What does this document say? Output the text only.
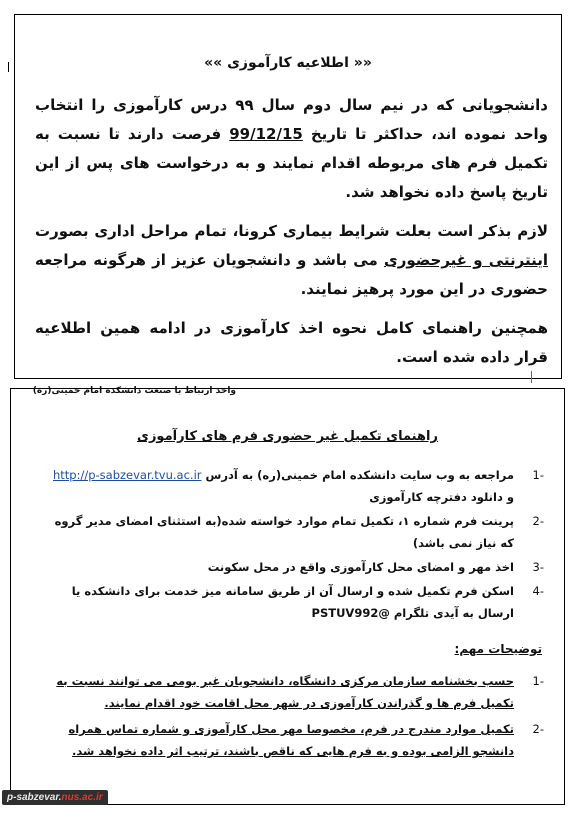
«« اطلاعیه کارآموزی »»
دانشجویانی که در نیم سال دوم سال ۹۹ درس کارآموزی را انتخاب واحد نموده اند، حداکثر تا تاریخ 99/12/15 فرصت دارند تا نسبت به تکمیل فرم های مربوطه اقدام نمایند و به درخواست های پس از این تاریخ پاسخ داده نخواهد شد.
لازم بذکر است بعلت شرایط بیماری کرونا، تمام مراحل اداری بصورت اینترنتی و غیرحضوری می باشد و دانشجویان عزیز از هرگونه مراجعه حضوری در این مورد پرهیز نمایند.
همچنین راهنمای کامل نحوه اخذ کارآموزی در ادامه همین اطلاعیه قرار داده شده است.
واحد ارتباط با صنعت دانشکده امام خمینی(ره)
راهنمای تکمیل غیر حضوری فرم های کارآموزی
-1
مراجعه به وب سایت دانشکده امام خمینی(ره) به آدرس http://p-sabzevar.tvu.ac.ir و دانلود دفترچه کارآموزی
-2
پرینت فرم شماره ۱، تکمیل تمام موارد خواسته شده(به استثنای امضای مدیر گروه که نیاز نمی باشد)
-3
اخذ مهر و امضای محل کارآموزی واقع در محل سکونت
-4
اسکن فرم تکمیل شده و ارسال آن از طریق سامانه میز خدمت برای دانشکده یا ارسال به آیدی تلگرام @PSTUV992
توضیحات مهم:
-1
حسب بخشنامه سازمان مرکزی دانشگاه، دانشجویان غیر بومی می توانند نسبت به تکمیل فرم ها و گذراندن کارآموزی در شهر محل اقامت خود اقدام نمایند.
-2
تکمیل موارد مندرج در فرم، مخصوصا مهر محل کارآموزی و شماره تماس همراه دانشجو الزامی بوده و به فرم هایی که ناقص باشند، ترتیب اثر داده نخواهد شد.
p-sabzevar.nus.ac.ir
